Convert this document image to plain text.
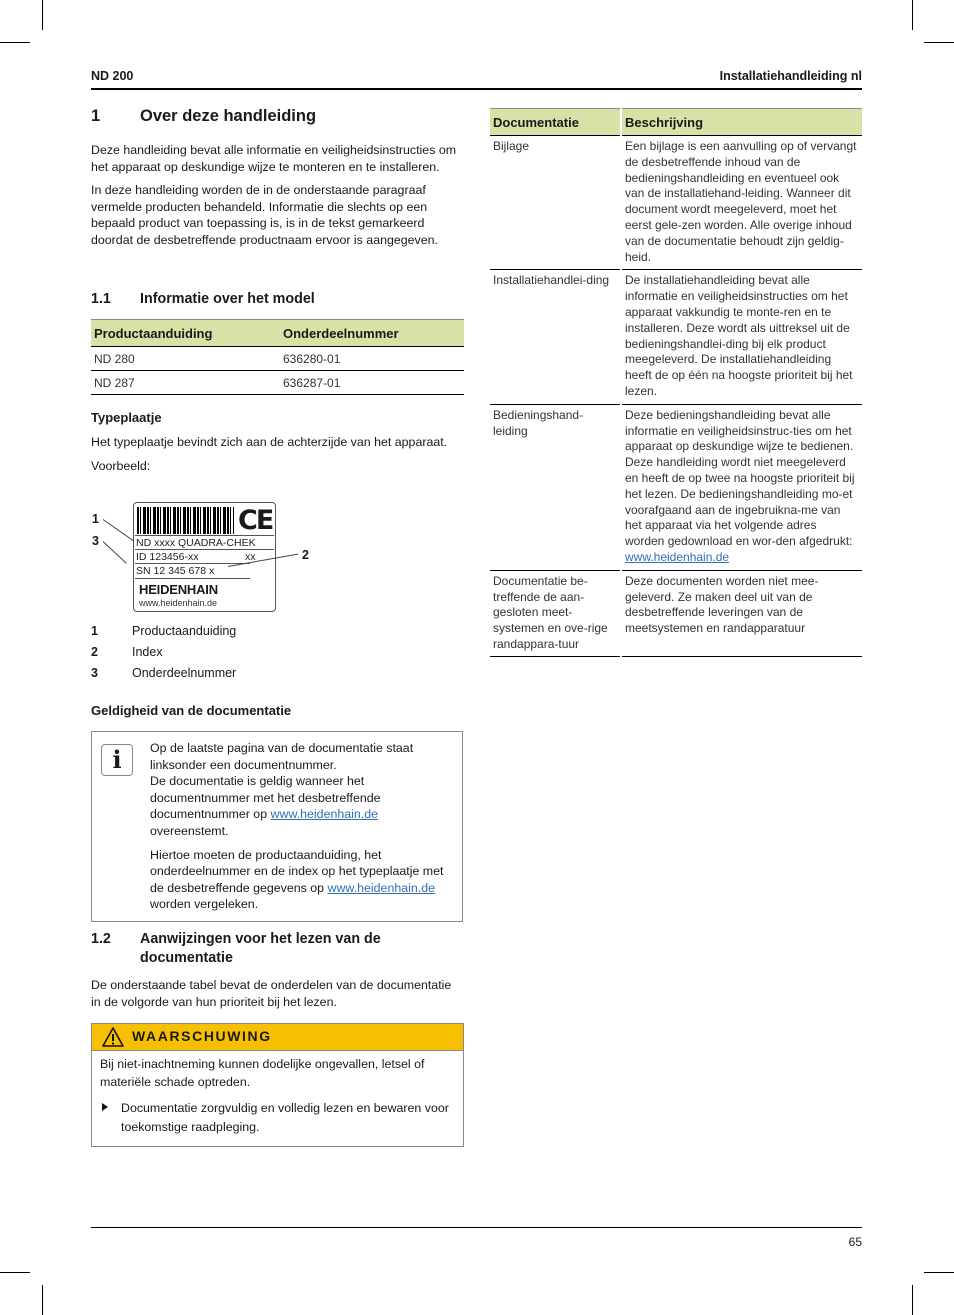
ND 200	Installatiehandleiding nl
1 Over deze handleiding

Deze handleiding bevat alle informatie en veiligheidsinstructies om het apparaat op deskundige wijze te monteren en te installeren.

In deze handleiding worden de in de onderstaande paragraaf vermelde producten behandeld. Informatie die slechts op een bepaald product van toepassing is, is in de tekst gemarkeerd doordat de desbetreffende productnaam ervoor is aangegeven.

1.1 Informatie over het model
Productaanduiding	Onderdeelnummer
ND 280	636280-01
ND 287	636287-01
Typeplaatje

Het typeplaatje bevindt zich aan de achterzijde van het apparaat.

Voorbeeld:

CE
ND xxxx QUADRA-CHEK
ID 123456-xx	xx
SN 12 345 678 x
HEIDENHAIN
www.heidenhain.de
1
3
2
1	Productaanduiding
2	Index
3	Onderdeelnummer
Geldigheid van de documentatie
i	Op de laatste pagina van de documentatie staat linksonder een documentnummer.
De documentatie is geldig wanneer het documentnummer met het desbetreffende documentnummer op www.heidenhain.de overeenstemt.

Hiertoe moeten de productaanduiding, het onderdeelnummer en de index op het typeplaatje met de desbetreffende gegevens op www.heidenhain.de worden vergeleken.

1.2 Aanwijzingen voor het lezen van de
documentatie

De onderstaande tabel bevat de onderdelen van de documentatie in de volgorde van hun prioriteit bij het lezen.

WAARSCHUWING
Bij niet-inachtneming kunnen dodelijke ongevallen, letsel of materiële schade optreden.
Documentatie zorgvuldig en volledig lezen en bewaren voor toekomstige raadpleging.
Documentatie	Beschrijving
Bijlage	Een bijlage is een aanvulling op of vervangt de desbetreffende inhoud van de bedieningshandleiding en eventueel ook van de installatiehand-leiding. Wanneer dit document wordt meegeleverd, moet het eerst gele-zen worden. Alle overige inhoud van de documentatie behoudt zijn geldig-heid.
Installatiehandlei-ding	De installatiehandleiding bevat alle informatie en veiligheidsinstructies om het apparaat vakkundig te monte-ren en te installeren. Deze wordt als uittreksel uit de bedieningshandlei-ding bij elk product meegeleverd. De installatiehandleiding heeft de op één na hoogste prioriteit bij het lezen.
Bedieningshand-leiding	Deze bedieningshandleiding bevat alle informatie en veiligheidsinstruc-ties om het apparaat op deskundige wijze te bedienen. Deze handleiding wordt niet meegeleverd en heeft de op twee na hoogste prioriteit bij het lezen. De bedieningshandleiding mo-et voorafgaand aan de ingebruikna-me van het apparaat via het volgende adres worden gedownload en wor-den afgedrukt: www.heidenhain.de
Documentatie be-treffende de aan-gesloten meet-systemen en ove-rige randappara-tuur	Deze documenten worden niet mee-geleverd. Ze maken deel uit van de desbetreffende leveringen van de meetsystemen en randapparatuur
65
